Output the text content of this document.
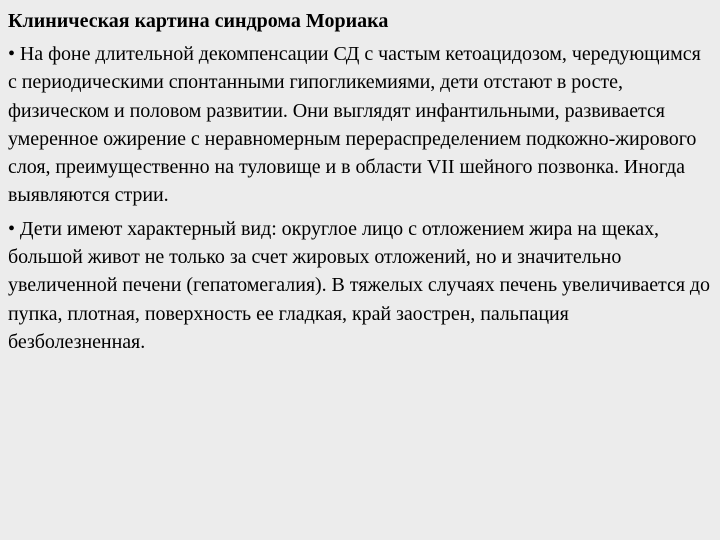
Клиническая картина синдрома Мориака
• На фоне длительной декомпенсации СД с частым кетоацидозом, чередующимся с периодическими спонтанными гипогликемиями, дети отстают в росте, физическом и половом развитии. Они выглядят инфантильными, развивается умеренное ожирение с неравномерным перераспределением подкожно-жирового слоя, преимущественно на туловище и в области VII шейного позвонка. Иногда выявляются стрии.
• Дети имеют характерный вид: округлое лицо с отложением жира на щеках, большой живот не только за счет жировых отложений, но и значительно увеличенной печени (гепатомегалия). В тяжелых случаях печень увеличивается до пупка, плотная, поверхность ее гладкая, край заострен, пальпация безболезненная.
